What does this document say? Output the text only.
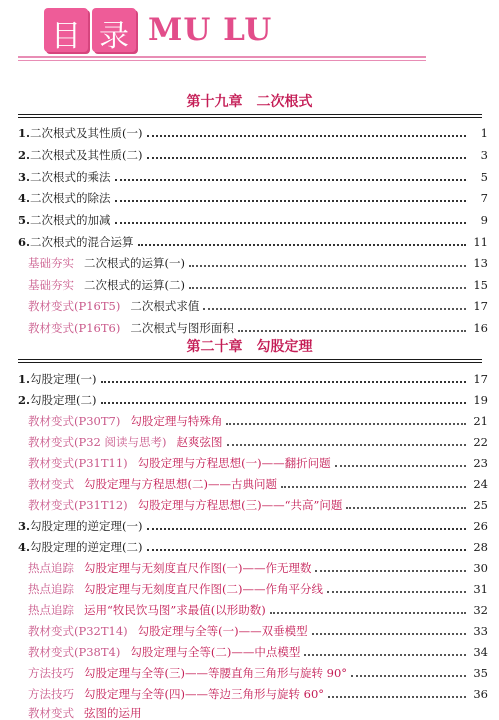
目 录 MU LU
第十九章 二次根式
1. 二次根式及其性质(一)	1
2. 二次根式及其性质(二)	3
3. 二次根式的乘法	5
4. 二次根式的除法	7
5. 二次根式的加减	9
6. 二次根式的混合运算	11
基础夯实 二次根式的运算(一)	13
基础夯实 二次根式的运算(二)	15
教材变式(P16T5) 二次根式求值	17
教材变式(P16T6) 二次根式与图形面积	16
第二十章 勾股定理
1. 勾股定理(一)	17
2. 勾股定理(二)	19
教材变式(P30T7) 勾股定理与特殊角	21
教材变式(P32 阅读与思考) 赵爽弦图	22
教材变式(P31T11) 勾股定理与方程思想(一)——翻折问题	23
教材变式 勾股定理与方程思想(二)——古典问题	24
教材变式(P31T12) 勾股定理与方程思想(三)——“共高”问题	25
3. 勾股定理的逆定理(一)	26
4. 勾股定理的逆定理(二)	28
热点追踪 勾股定理与无刻度直尺作图(一)——作无理数	30
热点追踪 勾股定理与无刻度直尺作图(二)——作角平分线	31
热点追踪 运用“牧民饮马图”求最值(以形助数)	32
教材变式(P32T14) 勾股定理与全等(一)——双垂模型	33
教材变式(P38T4) 勾股定理与全等(二)——中点模型	34
方法技巧 勾股定理与全等(三)——等腰直角三角形与旋转 90°	35
方法技巧 勾股定理与全等(四)——等边三角形与旋转 60°	36
教材变式 弦图的运用
